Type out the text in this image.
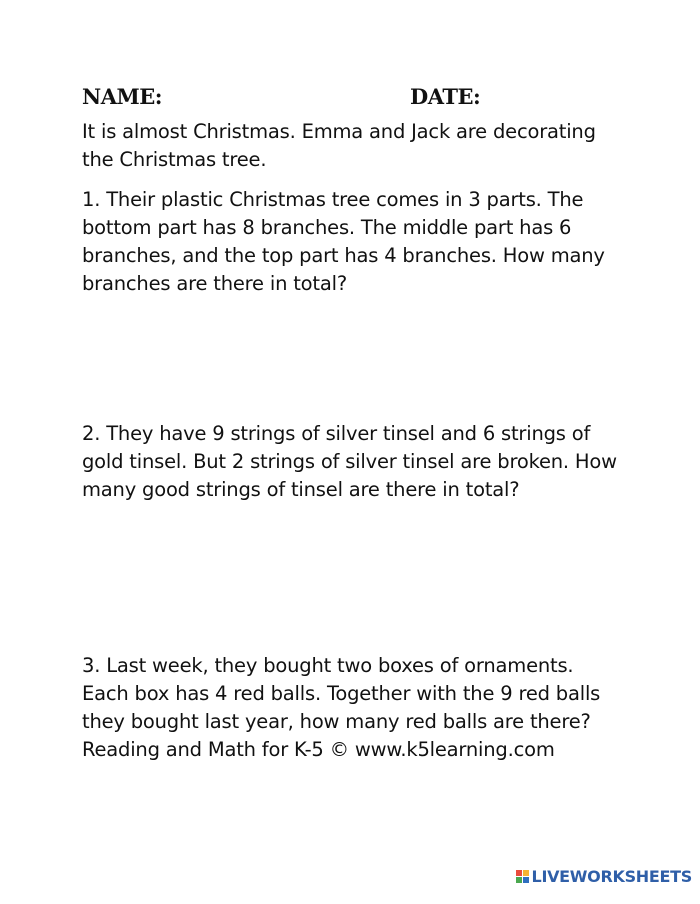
NAME:	DATE:
It is almost Christmas. Emma and Jack are decorating the Christmas tree.
1. Their plastic Christmas tree comes in 3 parts. The bottom part has 8 branches. The middle part has 6 branches, and the top part has 4 branches. How many branches are there in total?
2. They have 9 strings of silver tinsel and 6 strings of gold tinsel. But 2 strings of silver tinsel are broken. How many good strings of tinsel are there in total?
3. Last week, they bought two boxes of ornaments. Each box has 4 red balls. Together with the 9 red balls they bought last year, how many red balls are there? Reading and Math for K-5 © www.k5learning.com
LIVEWORKSHEETS
